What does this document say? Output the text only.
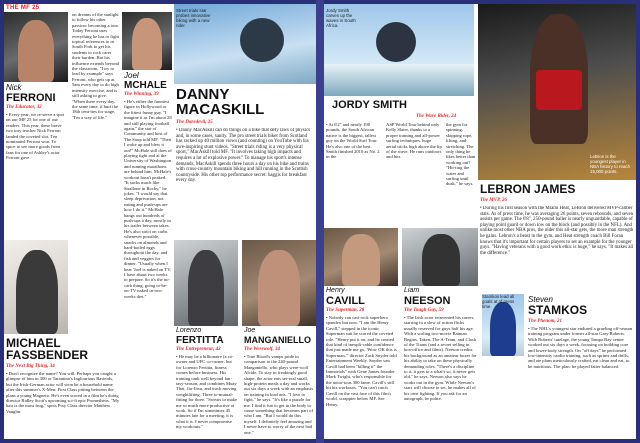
THE MF 25
Nick
FERRONI
The Educator, 32
• Every year, we re-serve a spot on our MF 25 for one of our readers. This year, these brave two tory teacher Nick Ferroni landed the coveted slot. Ten nominated Ferroni won. To spice to see more goods from fans for one of Ashley's actor Ferroni gave
on dreams of the sunlight to follow his other passion: becoming a tour. Today Ferroni uses everything he has to fight topical references to in South Fork to get his students to rock carer their burden. But his influence extends beyond the classroom. "I try to lead by example" says Ferroni, who gets up at 5am every day to do high intensity exercise, and is still asking to give. "When there every day, the same time, if hurt the 18th cent-ties for stage, "I'm a way of life."
Joel
MCHALE
The Winning, 39
• He's either the funniest figure in Hollywood or the fittest funny guy. "I imagine it as I'm about 28 and still playing football again," the star of Community and host of The Soup told MF. "Then I woke up and blew it out!" McHale still does of playing tight end at the University of Washington and running marathons are behind him. McHale's workout hasn't peaked. "It sucks much like Strallone in Rocky," he jokes. "I would say that sleep deprivation, not eating and push-ups are how I do it." McHale bangs out hundreds of push-ups a day, mostly in his trailer between takes. He's also strict on carbs whenever possible, snacks on almonds and hard-boiled eggs throughout the day, and fish and veggies for dinner. "Usually when I hear 'Joel is naked on TV, I have about two weeks to prepare. So it's the no-carb thing, going to-be-on-TV naked in-two-weeks diet."
Street trials star probes innovative biking with a new rider.
DANNY
MACASKILL
The Daredevil, 25
• Danny MacAskill can do things on a bike that defy laws of physics and, in some cases, sanity. The pro street trials biker from Scotland has racked up 40 million views (and counting) on YouTube with his awe-inspiring stunt videos. "Street trials riding is a very physical sport," MacAskill told MF. "It involves taking high impacts and requires a lot of explosive power." To manage his sport's intense demands, MacAskill spends three hours a day on his bike and trains with cross-country mountain biking and hill running in the Scottish countryside. His other top performance secret: haggis for breakfast every day.
MICHAEL
FASSBENDER
The Next Big Thing, 34
• Don't recognize the name? You will. Perhaps you caught a glimpse of him in 300 or Tarantino's Inglourious Basterds, but the Irish-German actor will soon be a household name after this summer's X-Men: First Class pitting between the plans a young Magneto. He's even scored in a film he's doing director Ridley Scott's upcoming sci-fi epic Prometheus. "My hair is the most frug," spots Pixy Class director Matthew Vaughn.
Lorenzo
FERTITTA
The Entrepreneur, 42
• He may be a billionaire (a co-owner and UFC co-owner, but for Lorenzo Fertitta, fitness comes before business. His training rank well beyond fan-tasy-season, and combines Muay Thai, Jiu-Jitsu, and track moving weightlifting. Three to-mutual-fitting for three. "Sweats to make me so much more productive at work. So if I'm sometimes 45 minutes late for a meeting, it is what it is. I never compromise my workouts."
Joe
MANGANIELLO
The Werewolf, 34
• True Blood's vamps pride in comparison to the 240-pound Manganiello, who plays were-wolf Alcide. To stay in freakingly good shape, the actor eats ser-eral small, high-protein meals a day and works out six days a week with an emphasis on training in load arts. "I love to fight," he says. "It's like a puzzle for me. I find it fun to get in the body to cause something that becomes part of who I am. "But I would do this myself. I definitely feel amazing and I never have to worry of the next bad one."
Jordy Smith carves up the waves in South Africa.
JORDY SMITH
The Wave Rider, 24
• At 6'2" and nearly 190 pounds, the South African native is the biggest, tallest guy on the World Surf Tour. He's also one of the best. Smith finished 2010 as No. 2 in the
ASP World Tour behind only Kelly Slater, thanks to a proper training and all-power surfing techniques. huge aerial tricks high above the lip of the wave. He runs outdoors and hits
the gym for spinning, skipping rope, lifting, and stretching. The only thing he likes better than working out? "Hit-ting the water and surfing until dusk," he says.
LeBron is the youngest player in NBA history to reach 15,000 points.
LEBRON JAMES
The MVP, 26
• During his first season with the Miami Heat, LeBron delivered MVP-caliber stats. As of press time, he was averaging 26 points, seven rebounds, and seven assists per game. The 6'8", 250-pound baller is nearly unguardable, capable of playing point guard or down low on the block (and possibly in the NFL). And unlike most other NBA pros, the older this all-star gets, the more man strength he gains. Lebron's a beast in the gym, and Heat strength coach Bill Foran knows that it's important for certain players to set an example for the younger guys. "Having veterans with a good work ethic is huge," he says. "It makes all the difference."
Henry
CAVILL
The Superman, 28
• Nobody can cast rock superhero spandex but now. "I am the Henry Cavill," stepped in the iconic Superman suit he scored the coveted role. "Henry put it on, and he created that kind of inexpli-cable confidence that just made me go, 'Wow OK this is Superman,'" director Zack Snyder told Entertainment Weekly. Snyder saw Cavill had been "killing it" the Immortals" with Gene James founder Mark Twight, who's responsible for the notor-ious 300 fame. Cavill's still hit his workouts. "You can't catch Cavill on the vast face of this film's world, scrappier below MF. See Henry.
Liam
NEESON
The Tough Guy, 59
• The Irish actor reinvented his career, starring in a slew of action flicks usually reserved for guys half his age. With a scaling two-movie Batman Begins, Taken, The A-Team, and Clash of the Titans (and a secret selling in box-office and films). Neeson credits his background as an amateur boxer for his ability to take on these physically demanding roles. "There's a discipline to it, it gets to a what's so, it never gets old," he says. Neeson also says he works out in the gym. While Neeson's stars will choose to set, he makes all of his own fighting. If you ask for an autograph, be polite.
Stamkos lead all goals at of press time.
Steven
STAMKOS
The Phenom, 21
• The NHL's youngest star endured a grueling off-season training program under former all-star Gary Roberts. With Roberts' tutelage, the young Tampa Bay center worked out six days a week, focusing on building core and lower-body strength. On "off days" he performed low-intensity cardio training, such as sprints and drills, and ate plans meticulously crafted, eat clean and eat, to be nutritious. The plan: he played fatter balanced.
